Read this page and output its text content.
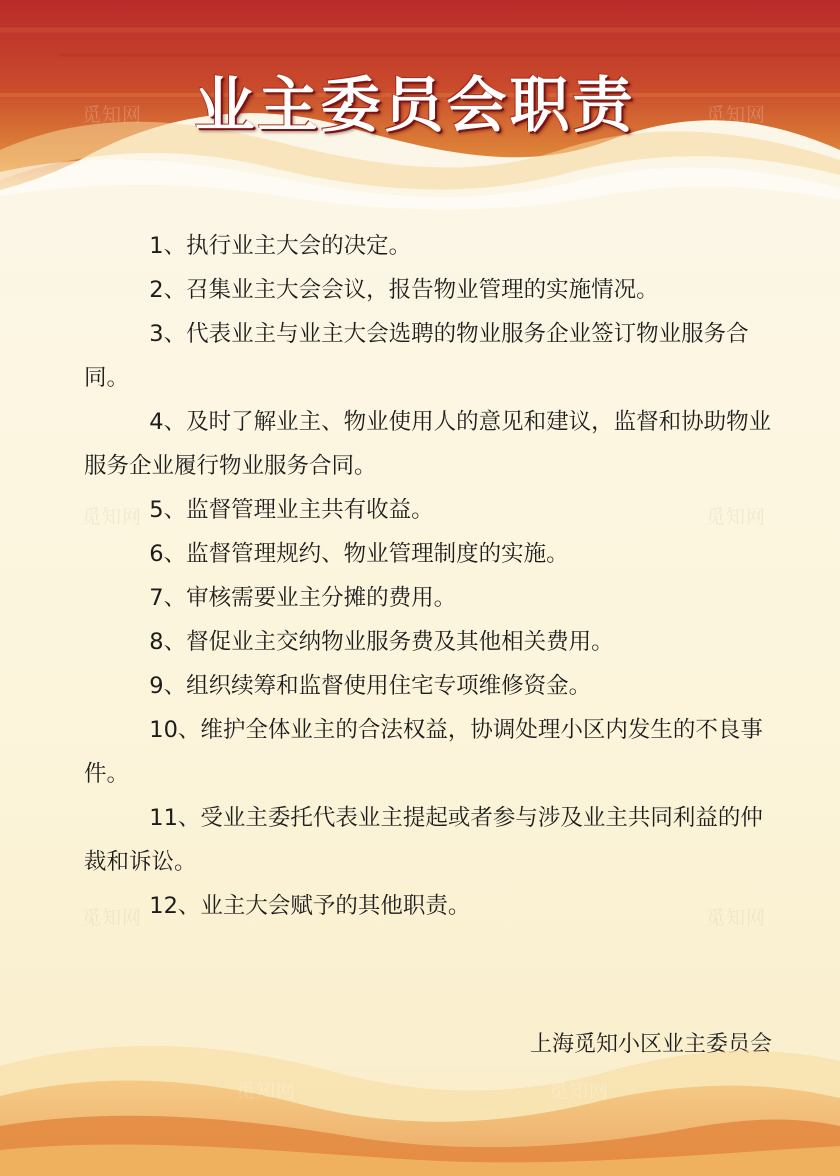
业主委员会职责
觅知网	觅知网
觅知网	觅知网
觅知网	觅知网

1、执行业主大会的决定。

2、召集业主大会会议，报告物业管理的实施情况。

3、代表业主与业主大会选聘的物业服务企业签订物业服务合同。

4、及时了解业主、物业使用人的意见和建议，监督和协助物业服务企业履行物业服务合同。

5、监督管理业主共有收益。

6、监督管理规约、物业管理制度的实施。

7、审核需要业主分摊的费用。

8、督促业主交纳物业服务费及其他相关费用。

9、组织续筹和监督使用住宅专项维修资金。

10、维护全体业主的合法权益，协调处理小区内发生的不良事件。

11、受业主委托代表业主提起或者参与涉及业主共同利益的仲裁和诉讼。

12、业主大会赋予的其他职责。

上海觅知小区业主委员会
觅知网	觅知网
